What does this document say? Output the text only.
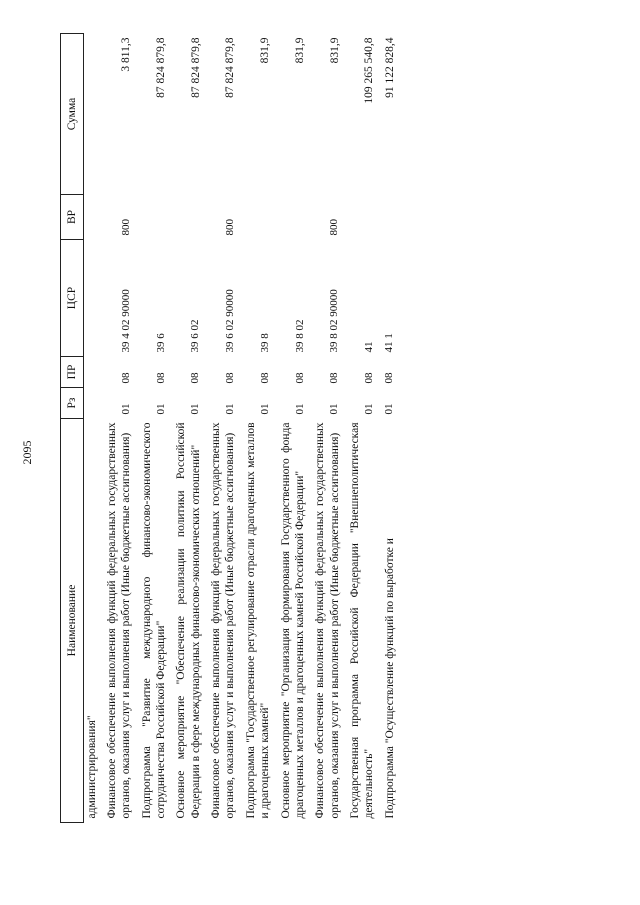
2095
Наименование	Рз	ПР	ЦСР	ВР	Сумма
администрирования"					
Финансовое обеспечение выполнения функций федеральных государственных органов, оказания услуг и выполнения работ (Иные бюджетные ассигнования)	01	08	39 4 02 90000	800	3 811,3
Подпрограмма "Развитие международного финансово-экономического сотрудничества Российской Федерации"	01	08	39 6		87 824 879,8
Основное мероприятие "Обеспечение реализации политики Российской Федерации в сфере международных финансово-экономических отношений"	01	08	39 6 02		87 824 879,8
Финансовое обеспечение выполнения функций федеральных государственных органов, оказания услуг и выполнения работ (Иные бюджетные ассигнования)	01	08	39 6 02 90000	800	87 824 879,8
Подпрограмма "Государственное регулирование отрасли драгоценных металлов и драгоценных камней"	01	08	39 8		831,9
Основное мероприятие "Организация формирования Государственного фонда драгоценных металлов и драгоценных камней Российской Федерации"	01	08	39 8 02		831,9
Финансовое обеспечение выполнения функций федеральных государственных органов, оказания услуг и выполнения работ (Иные бюджетные ассигнования)	01	08	39 8 02 90000	800	831,9
Государственная программа Российской Федерации "Внешнеполитическая деятельность"	01	08	41		109 265 540,8
Подпрограмма "Осуществление функций по выработке и	01	08	41 1		91 122 828,4
